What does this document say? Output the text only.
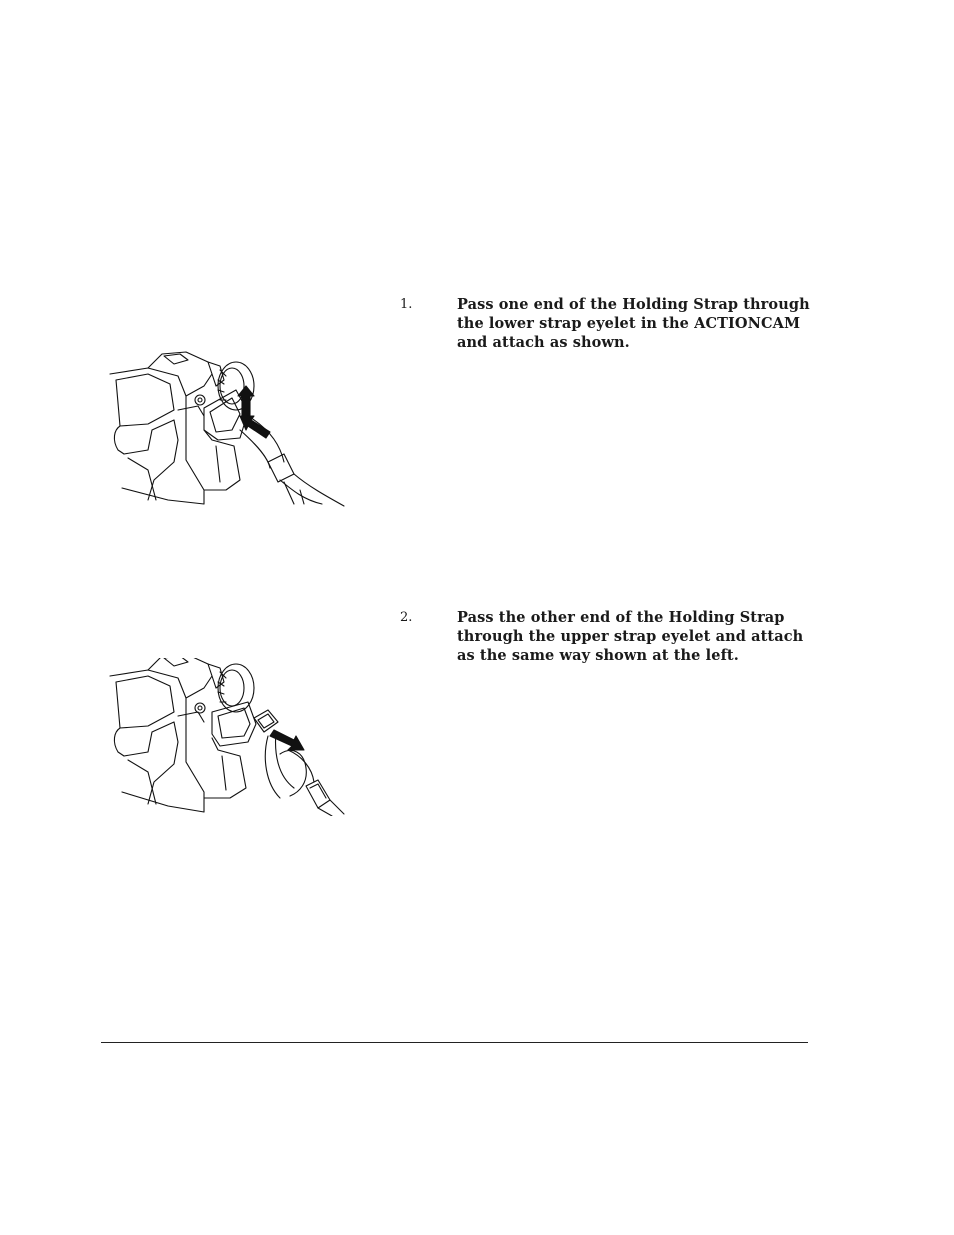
1.	Pass one end of the Holding Strap through the lower strap eyelet in the ACTIONCAM and attach as shown.
2.	Pass the other end of the Holding Strap through the upper strap eyelet and attach as the same way shown at the left.
